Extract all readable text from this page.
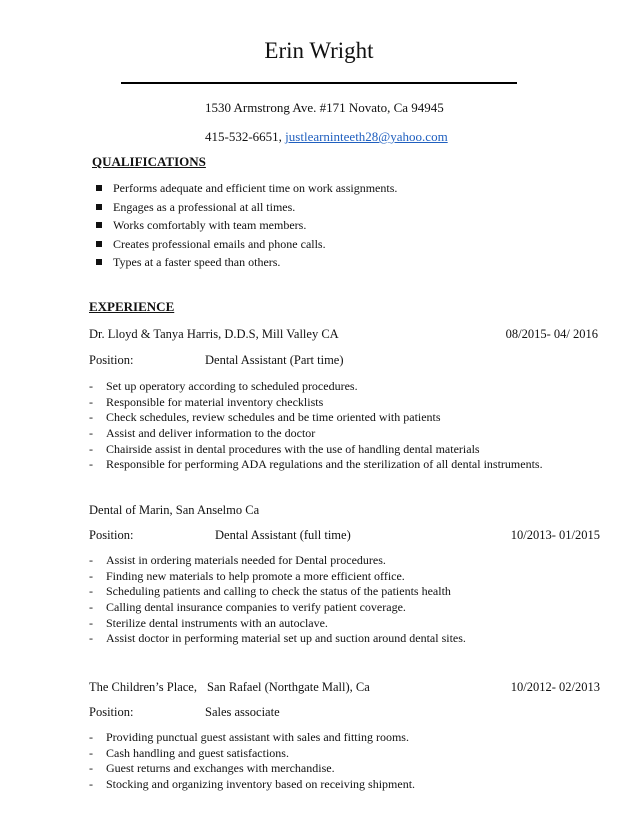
Erin Wright
1530 Armstrong Ave. #171 Novato, Ca 94945
415-532-6651, justlearninteeth28@yahoo.com
QUALIFICATIONS
Performs adequate and efficient time on work assignments.
Engages as a professional at all times.
Works comfortably with team members.
Creates professional emails and phone calls.
Types at a faster speed than others.
EXPERIENCE
Dr. Lloyd & Tanya Harris, D.D.S, Mill Valley CA	08/2015- 04/ 2016
Position:	Dental Assistant (Part time)
- Set up operatory according to scheduled procedures.
- Responsible for material inventory checklists
- Check schedules, review schedules and be time oriented with patients
- Assist and deliver information to the doctor
- Chairside assist in dental procedures with the use of handling dental materials
- Responsible for performing ADA regulations and the sterilization of all dental instruments.
Dental of Marin, San Anselmo Ca
Position:	Dental Assistant (full time)	10/2013- 01/2015
- Assist in ordering materials needed for Dental procedures.
- Finding new materials to help promote a more efficient office.
- Scheduling patients and calling to check the status of the patients health
- Calling dental insurance companies to verify patient coverage.
- Sterilize dental instruments with an autoclave.
- Assist doctor in performing material set up and suction around dental sites.
The Children’s Place, San Rafael (Northgate Mall), Ca	10/2012- 02/2013
Position:	Sales associate
- Providing punctual guest assistant with sales and fitting rooms.
- Cash handling and guest satisfactions.
- Guest returns and exchanges with merchandise.
- Stocking and organizing inventory based on receiving shipment.
